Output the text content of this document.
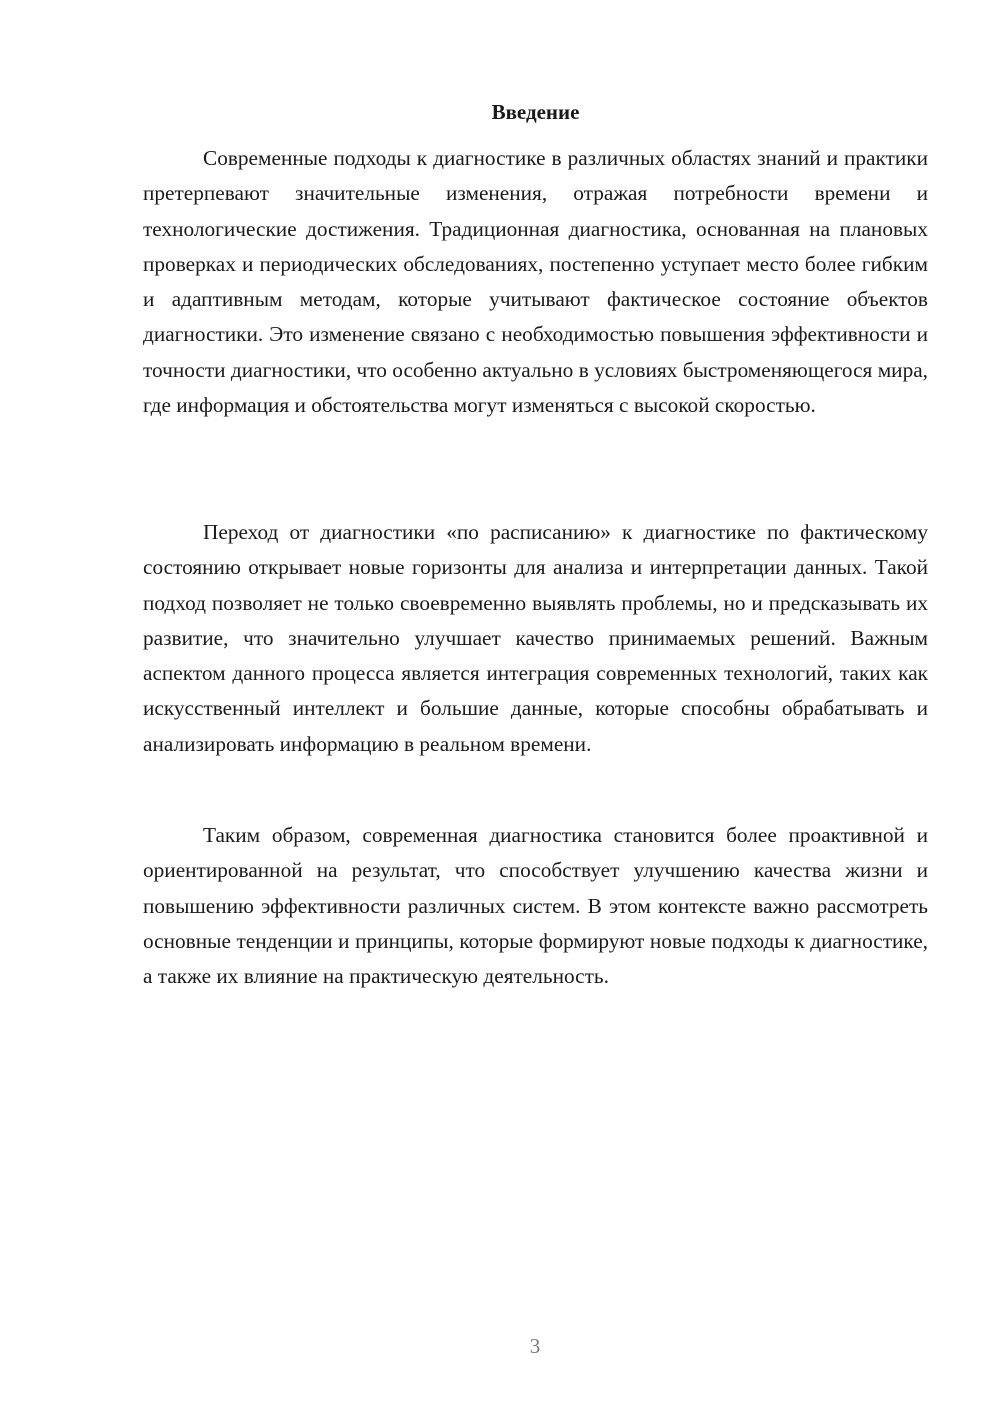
Введение

Современные подходы к диагностике в различных областях знаний и практики претерпевают значительные изменения, отражая потребности времени и технологические достижения. Традиционная диагностика, основанная на плановых проверках и периодических обследованиях, постепенно уступает место более гибким и адаптивным методам, которые учитывают фактическое состояние объектов диагностики. Это изменение связано с необходимостью повышения эффективности и точности диагностики, что особенно актуально в условиях быстроменяющегося мира, где информация и обстоятельства могут изменяться с высокой скоростью.

Переход от диагностики «по расписанию» к диагностике по фактическому состоянию открывает новые горизонты для анализа и интерпретации данных. Такой подход позволяет не только своевременно выявлять проблемы, но и предсказывать их развитие, что значительно улучшает качество принимаемых решений. Важным аспектом данного процесса является интеграция современных технологий, таких как искусственный интеллект и большие данные, которые способны обрабатывать и анализировать информацию в реальном времени.

Таким образом, современная диагностика становится более проактивной и ориентированной на результат, что способствует улучшению качества жизни и повышению эффективности различных систем. В этом контексте важно рассмотреть основные тенденции и принципы, которые формируют новые подходы к диагностике, а также их влияние на практическую деятельность.

3
